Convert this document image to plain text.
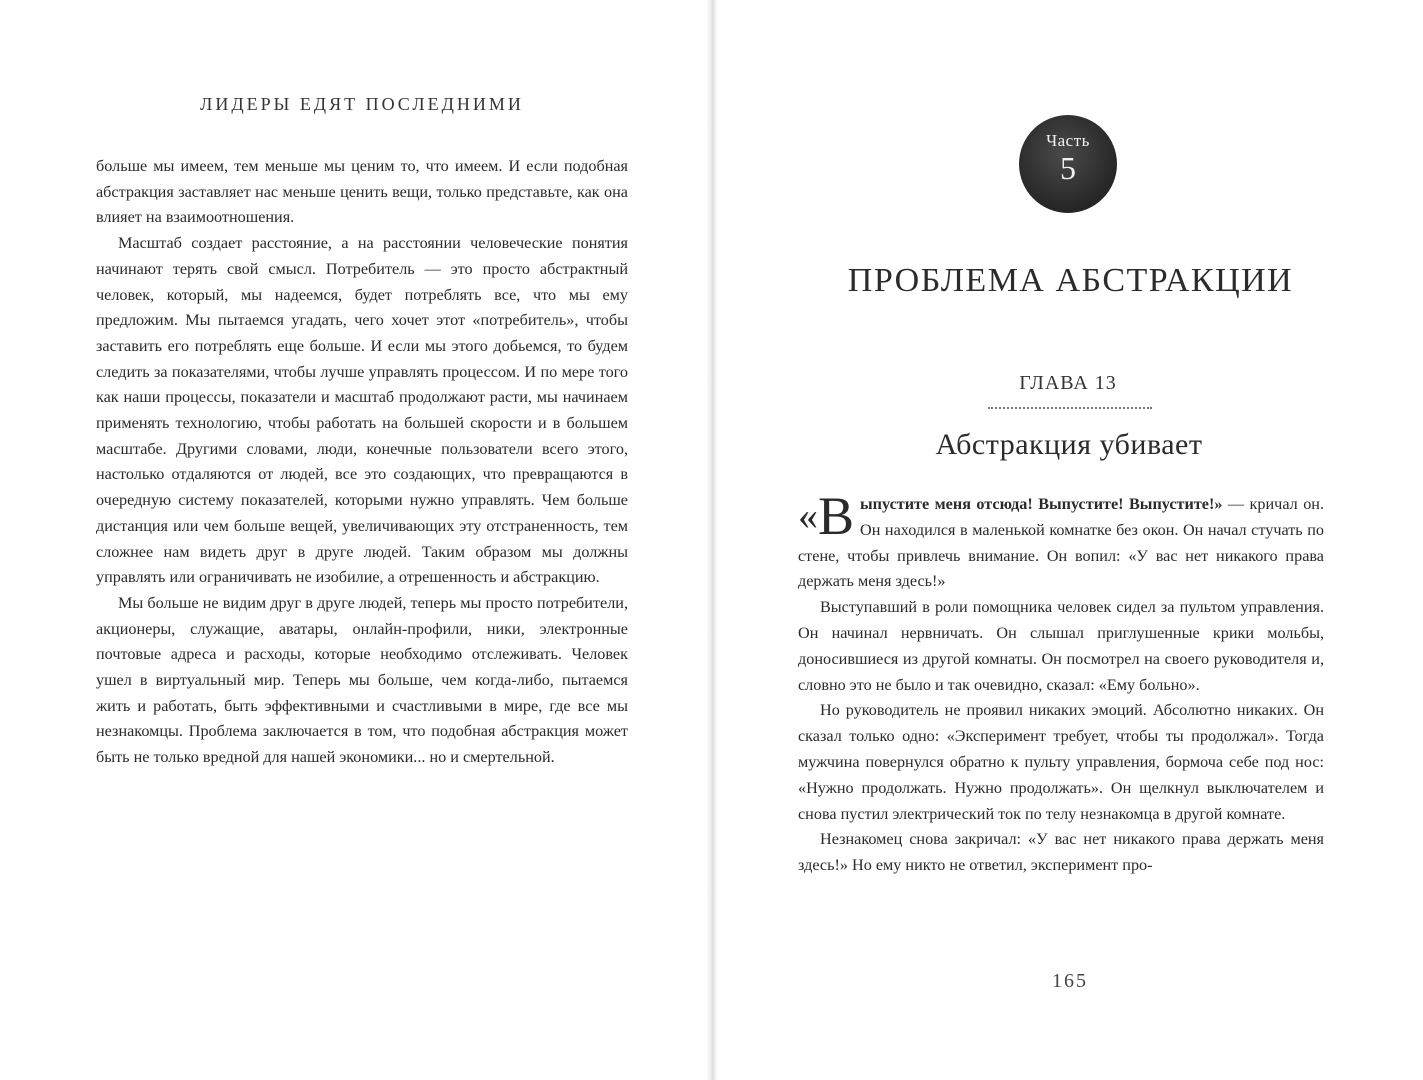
ЛИДЕРЫ ЕДЯТ ПОСЛЕДНИМИ

больше мы имеем, тем меньше мы ценим то, что имеем. И если подобная абстракция заставляет нас меньше ценить вещи, только представьте, как она влияет на взаимоотношения.

Масштаб создает расстояние, а на расстоянии человеческие понятия начинают терять свой смысл. Потребитель — это просто абстрактный человек, который, мы надеемся, будет потреблять все, что мы ему предложим. Мы пытаемся угадать, чего хочет этот «потребитель», чтобы заставить его потреблять еще больше. И если мы этого добьемся, то будем следить за показателями, чтобы лучше управлять процессом. И по мере того как наши процессы, показатели и масштаб продолжают расти, мы начинаем применять технологию, чтобы работать на большей скорости и в большем масштабе. Другими словами, люди, конечные пользователи всего этого, настолько отдаляются от людей, все это создающих, что превращаются в очередную систему показателей, которыми нужно управлять. Чем больше дистанция или чем больше вещей, увеличивающих эту отстраненность, тем сложнее нам видеть друг в друге людей. Таким образом мы должны управлять или ограничивать не изобилие, а отрешенность и абстракцию.

Мы больше не видим друг в друге людей, теперь мы просто потребители, акционеры, служащие, аватары, онлайн-профили, ники, электронные почтовые адреса и расходы, которые необходимо отслеживать. Человек ушел в виртуальный мир. Теперь мы больше, чем когда-либо, пытаемся жить и работать, быть эффективными и счастливыми в мире, где все мы незнакомцы. Проблема заключается в том, что подобная абстракция может быть не только вредной для нашей экономики... но и смертельной.

Часть
5
ПРОБЛЕМА АБСТРАКЦИИ
ГЛАВА 13
Абстракция убивает

«В ыпустите меня отсюда! Выпустите! Выпустите!» — кричал он. Он находился в маленькой комнатке без окон. Он начал стучать по стене, чтобы привлечь внимание. Он вопил: «У вас нет никакого права держать меня здесь!»

Выступавший в роли помощника человек сидел за пультом управления. Он начинал нервничать. Он слышал приглушенные крики мольбы, доносившиеся из другой комнаты. Он посмотрел на своего руководителя и, словно это не было и так очевидно, сказал: «Ему больно».

Но руководитель не проявил никаких эмоций. Абсолютно никаких. Он сказал только одно: «Эксперимент требует, чтобы ты продолжал». Тогда мужчина повернулся обратно к пульту управления, бормоча себе под нос: «Нужно продолжать. Нужно продолжать». Он щелкнул выключателем и снова пустил электрический ток по телу незнакомца в другой комнате.

Незнакомец снова закричал: «У вас нет никакого права держать меня здесь!» Но ему никто не ответил, эксперимент про-

165
